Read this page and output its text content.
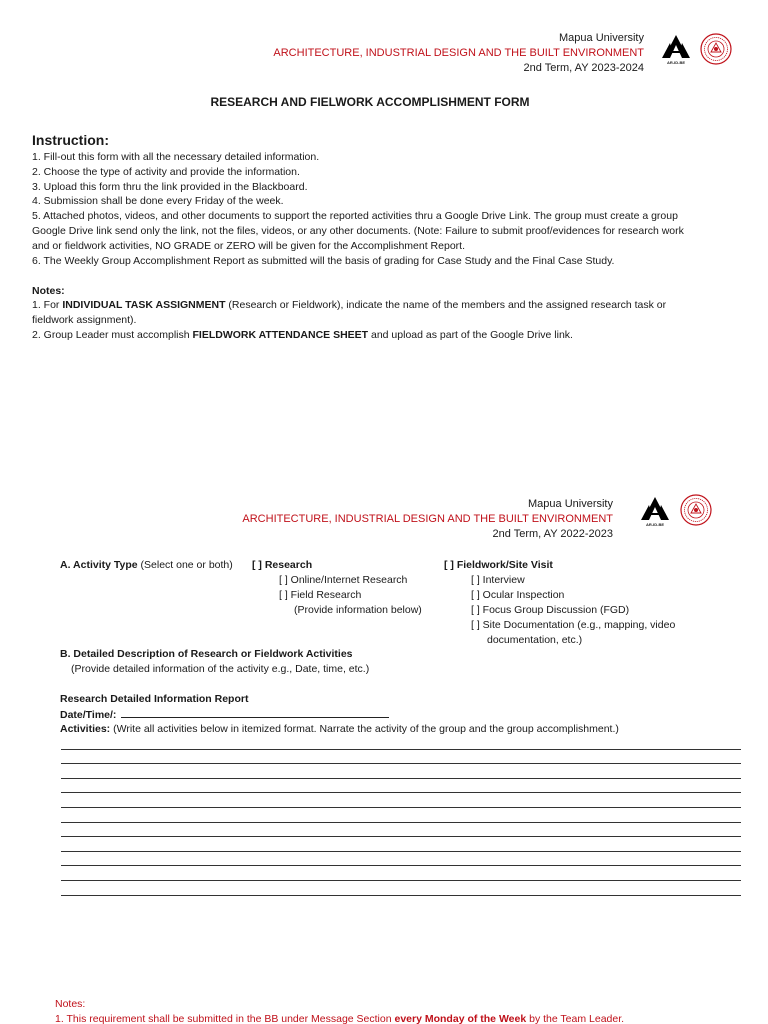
Mapua University
ARCHITECTURE, INDUSTRIAL DESIGN AND THE BUILT ENVIRONMENT
2nd Term, AY 2023-2024	AR-ID-BE
RESEARCH AND FIELWORK ACCOMPLISHMENT FORM
Instruction:
1. Fill-out this form with all the necessary detailed information.
2. Choose the type of activity and provide the information.
3. Upload this form thru the link provided in the Blackboard.
4. Submission shall be done every Friday of the week.
5. Attached photos, videos, and other documents to support the reported activities thru a Google Drive Link. The group must create a group Google Drive link send only the link, not the files, videos, or any other documents. (Note: Failure to submit proof/evidences for research work and or fieldwork activities, NO GRADE or ZERO will be given for the Accomplishment Report.
6. The Weekly Group Accomplishment Report as submitted will the basis of grading for Case Study and the Final Case Study.
Notes:
1. For INDIVIDUAL TASK ASSIGNMENT (Research or Fieldwork), indicate the name of the members and the assigned research task or fieldwork assignment).
2. Group Leader must accomplish FIELDWORK ATTENDANCE SHEET and upload as part of the Google Drive link.
Mapua University
ARCHITECTURE, INDUSTRIAL DESIGN AND THE BUILT ENVIRONMENT
2nd Term, AY 2022-2023
AR-ID-BE
A. Activity Type (Select one or both) [ ] Research
[ ] Online/Internet Research
[ ] Field Research
(Provide information below)
[ ] Fieldwork/Site Visit
[ ] Interview
[ ] Ocular Inspection
[ ] Focus Group Discussion (FGD)
[ ] Site Documentation (e.g., mapping, video
documentation, etc.)
B. Detailed Description of Research or Fieldwork Activities
(Provide detailed information of the activity e.g., Date, time, etc.)
Research Detailed Information Report
Date/Time/:
Activities: (Write all activities below in itemized format. Narrate the activity of the group and the group accomplishment.)
Notes:
1. This requirement shall be submitted in the BB under Message Section every Monday of the Week by the Team Leader.
